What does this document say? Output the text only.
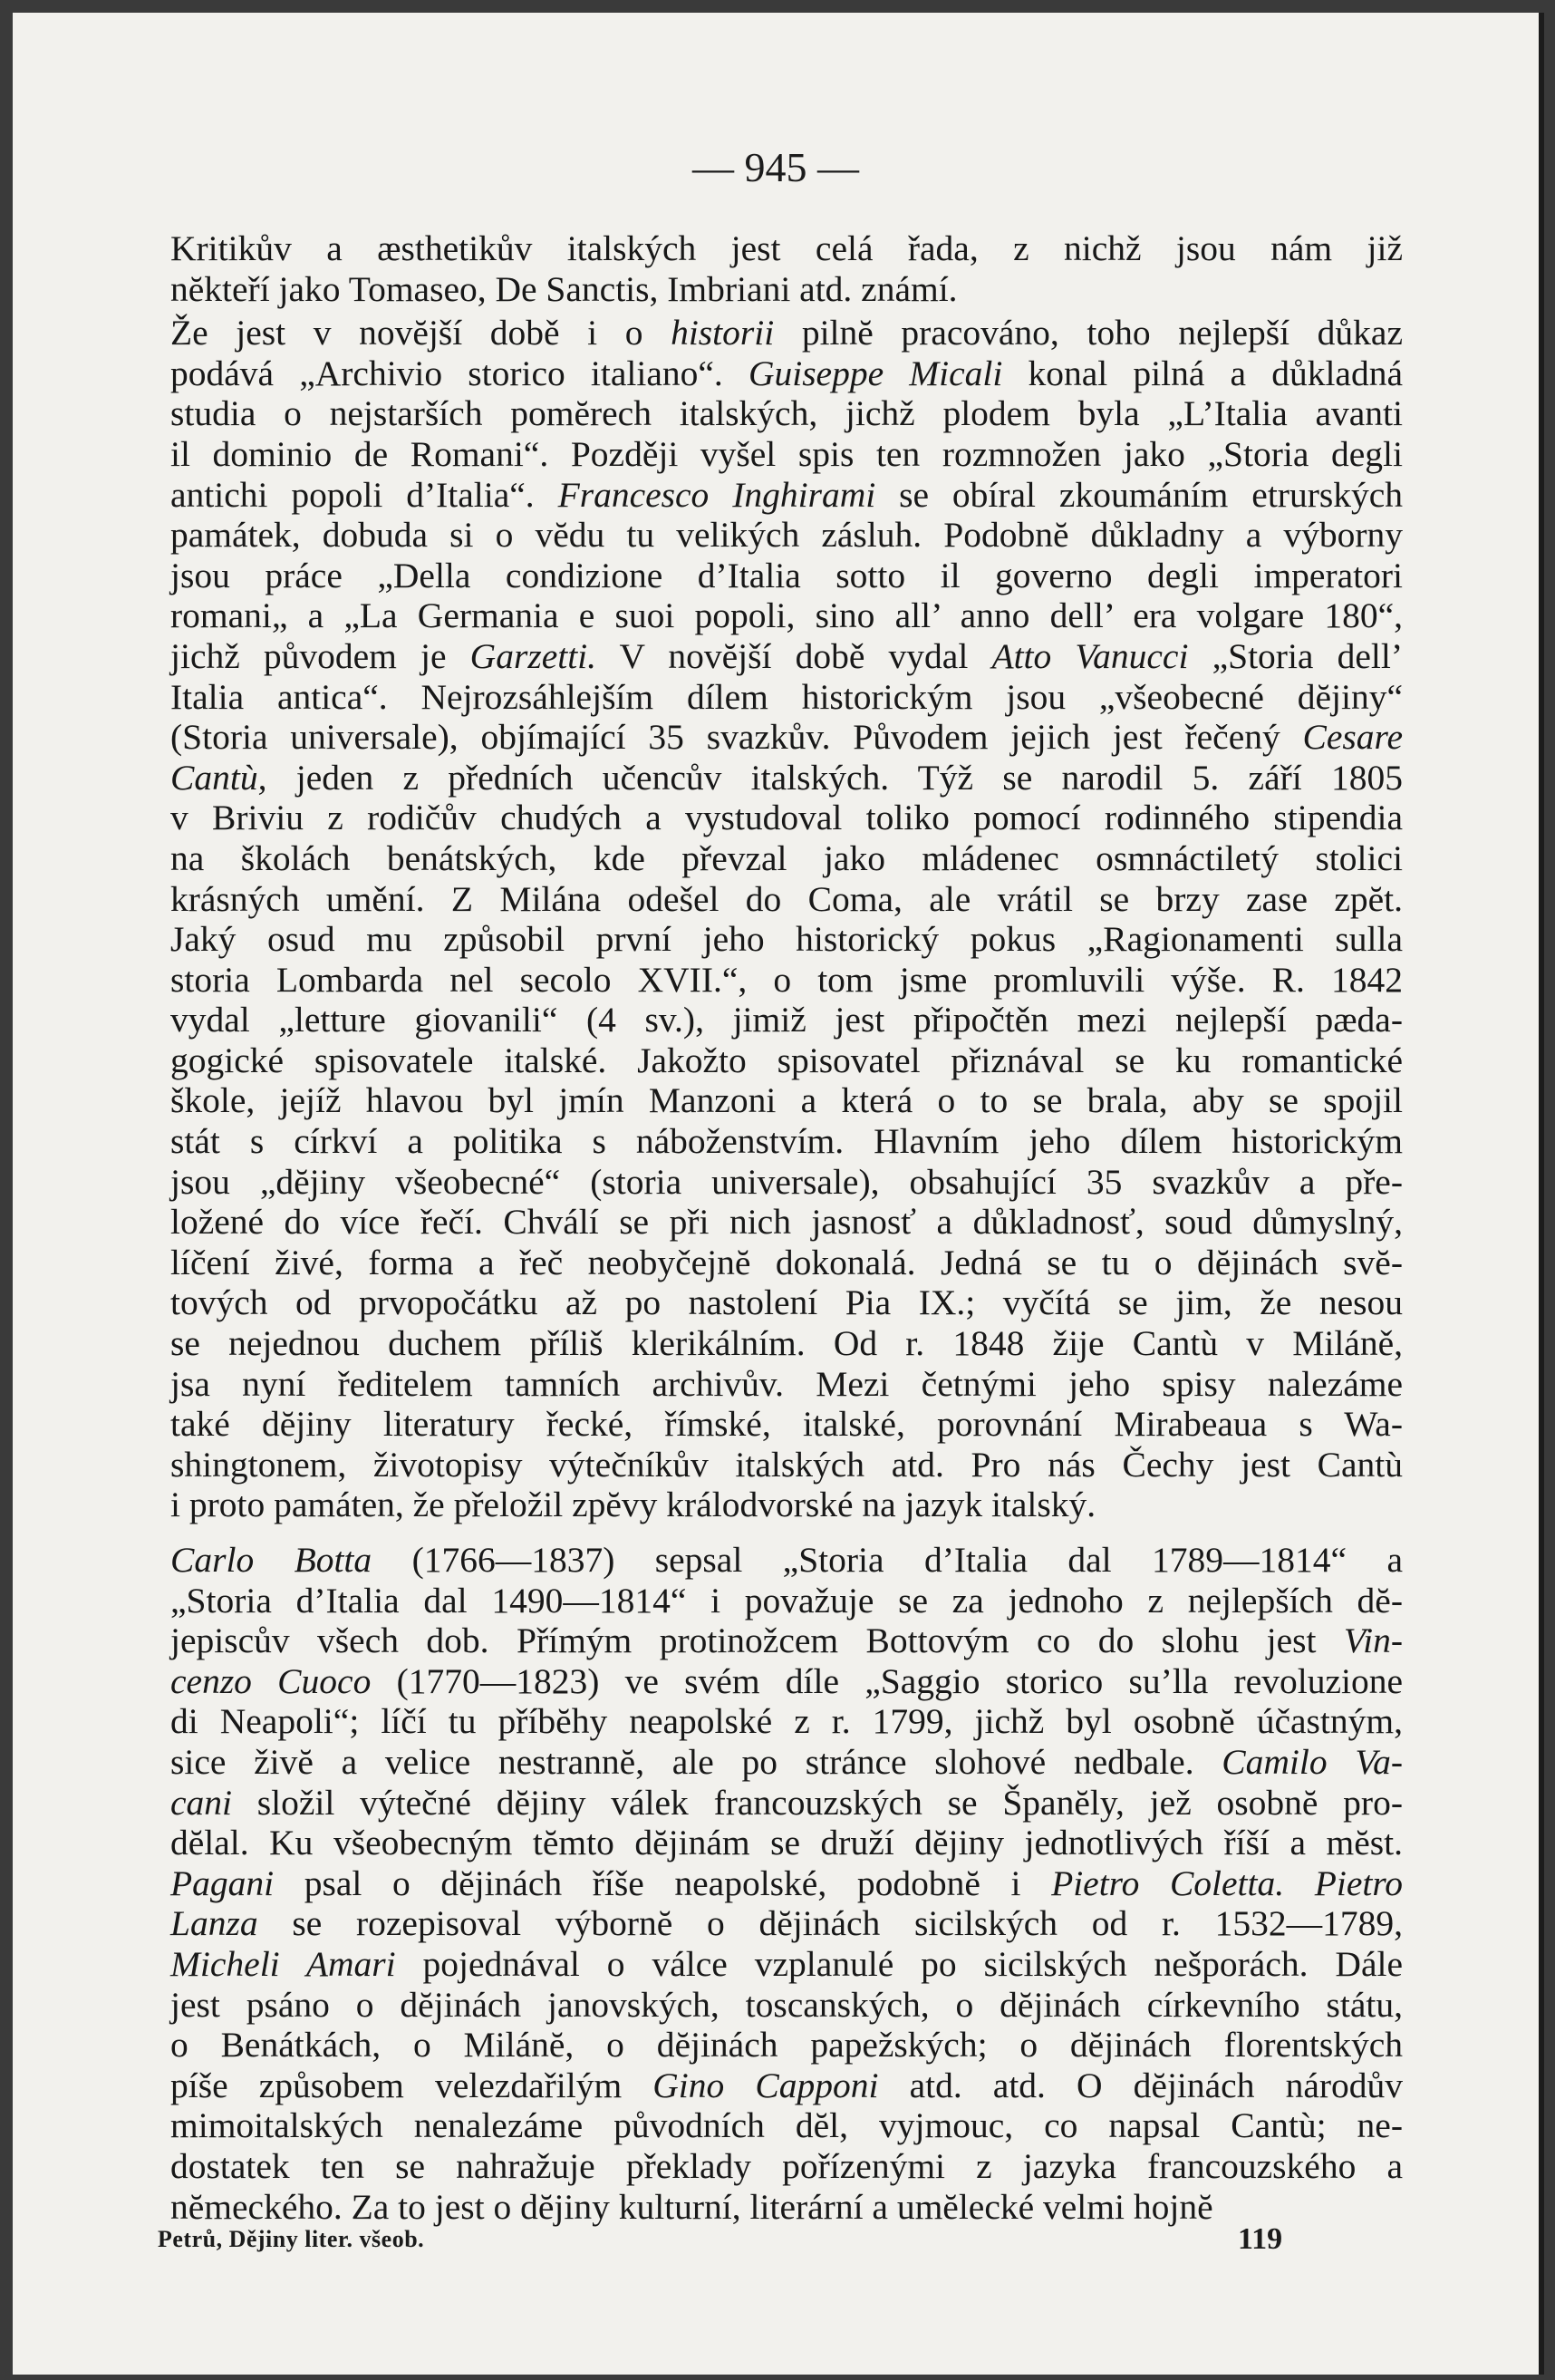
— 945 —

Kritikův a æsthetikův italských jest celá řada, z nichž jsou nám již
nĕkteří jako Tomaseo, De Sanctis, Imbriani atd. známí.

Že jest v novĕjší době i o historii pilnĕ pracováno, toho nejlepší důkaz
podává „Archivio storico italiano“. Guiseppe Micali konal pilná a důkladná
studia o nejstarších pomĕrech italských, jichž plodem byla „L’Italia avanti
il dominio de Romani“. Později vyšel spis ten rozmnožen jako „Storia degli
antichi popoli d’Italia“. Francesco Inghirami se obíral zkoumáním etrurských
památek, dobuda si o vĕdu tu velikých zásluh. Podobnĕ důkladny a výborny
jsou práce „Della condizione d’Italia sotto il governo degli imperatori
romani„ a „La Germania e suoi popoli, sino all’ anno dell’ era volgare 180“,
jichž původem je Garzetti. V novĕjší době vydal Atto Vanucci „Storia dell’
Italia antica“. Nejrozsáhlejším dílem historickým jsou „všeobecné dĕjiny“
(Storia universale), objímající 35 svazkův. Původem jejich jest řečený Cesare
Cantù, jeden z předních učencův italských. Týž se narodil 5. září 1805
v Briviu z rodičův chudých a vystudoval toliko pomocí rodinného stipendia
na školách benátských, kde převzal jako mládenec osmnáctiletý stolici
krásných umění. Z Milána odešel do Coma, ale vrátil se brzy zase zpĕt.
Jaký osud mu způsobil první jeho historický pokus „Ragionamenti sulla
storia Lombarda nel secolo XVII.“, o tom jsme promluvili výše. R. 1842
vydal „letture giovanili“ (4 sv.), jimiž jest připočtěn mezi nejlepší pæda-
gogické spisovatele italské. Jakožto spisovatel přiznával se ku romantické
škole, jejíž hlavou byl jmín Manzoni a která o to se brala, aby se spojil
stát s církví a politika s náboženstvím. Hlavním jeho dílem historickým
jsou „dĕjiny všeobecné“ (storia universale), obsahující 35 svazkův a pře-
ložené do více řečí. Chválí se při nich jasnosť a důkladnosť, soud důmyslný,
líčení živé, forma a řeč neobyčejnĕ dokonalá. Jedná se tu o dĕjinách svĕ-
tových od prvopočátku až po nastolení Pia IX.; vyčítá se jim, že nesou
se nejednou duchem příliš klerikálním. Od r. 1848 žije Cantù v Miláně,
jsa nyní ředitelem tamních archivův. Mezi četnými jeho spisy nalezáme
také dĕjiny literatury řecké, římské, italské, porovnání Mirabeaua s Wa-
shingtonem, životopisy výtečníkův italských atd. Pro nás Čechy jest Cantù
i proto památen, že přeložil zpĕvy králodvorské na jazyk italský.

Carlo Botta (1766—1837) sepsal „Storia d’Italia dal 1789—1814“ a
„Storia d’Italia dal 1490—1814“ i považuje se za jednoho z nejlepších dĕ-
jepiscův všech dob. Přímým protinožcem Bottovým co do slohu jest Vin-
cenzo Cuoco (1770—1823) ve svém díle „Saggio storico su’lla revoluzione
di Neapoli“; líčí tu příbĕhy neapolské z r. 1799, jichž byl osobnĕ účastným,
sice živĕ a velice nestrannĕ, ale po stránce slohové nedbale. Camilo Va-
cani složil výtečné dĕjiny válek francouzských se Španĕly, jež osobnĕ pro-
dĕlal. Ku všeobecným tĕmto dĕjinám se druží dĕjiny jednotlivých říší a mĕst.
Pagani psal o dĕjinách říše neapolské, podobnĕ i Pietro Coletta. Pietro
Lanza se rozepisoval výbornĕ o dĕjinách sicilských od r. 1532—1789,
Micheli Amari pojednával o válce vzplanulé po sicilských nešporách. Dále
jest psáno o dĕjinách janovských, toscanských, o dĕjinách církevního státu,
o Benátkách, o Milánĕ, o dĕjinách papežských; o dĕjinách florentských
píše způsobem velezdařilým Gino Capponi atd. atd. O dĕjinách národův
mimoitalských nenalezáme původních dĕl, vyjmouc, co napsal Cantù; ne-
dostatek ten se nahražuje překlady pořízenými z jazyka francouzského a
nĕmeckého. Za to jest o dĕjiny kulturní, literární a umĕlecké velmi hojnĕ

Petrů, Dějiny liter. všeob.	119
